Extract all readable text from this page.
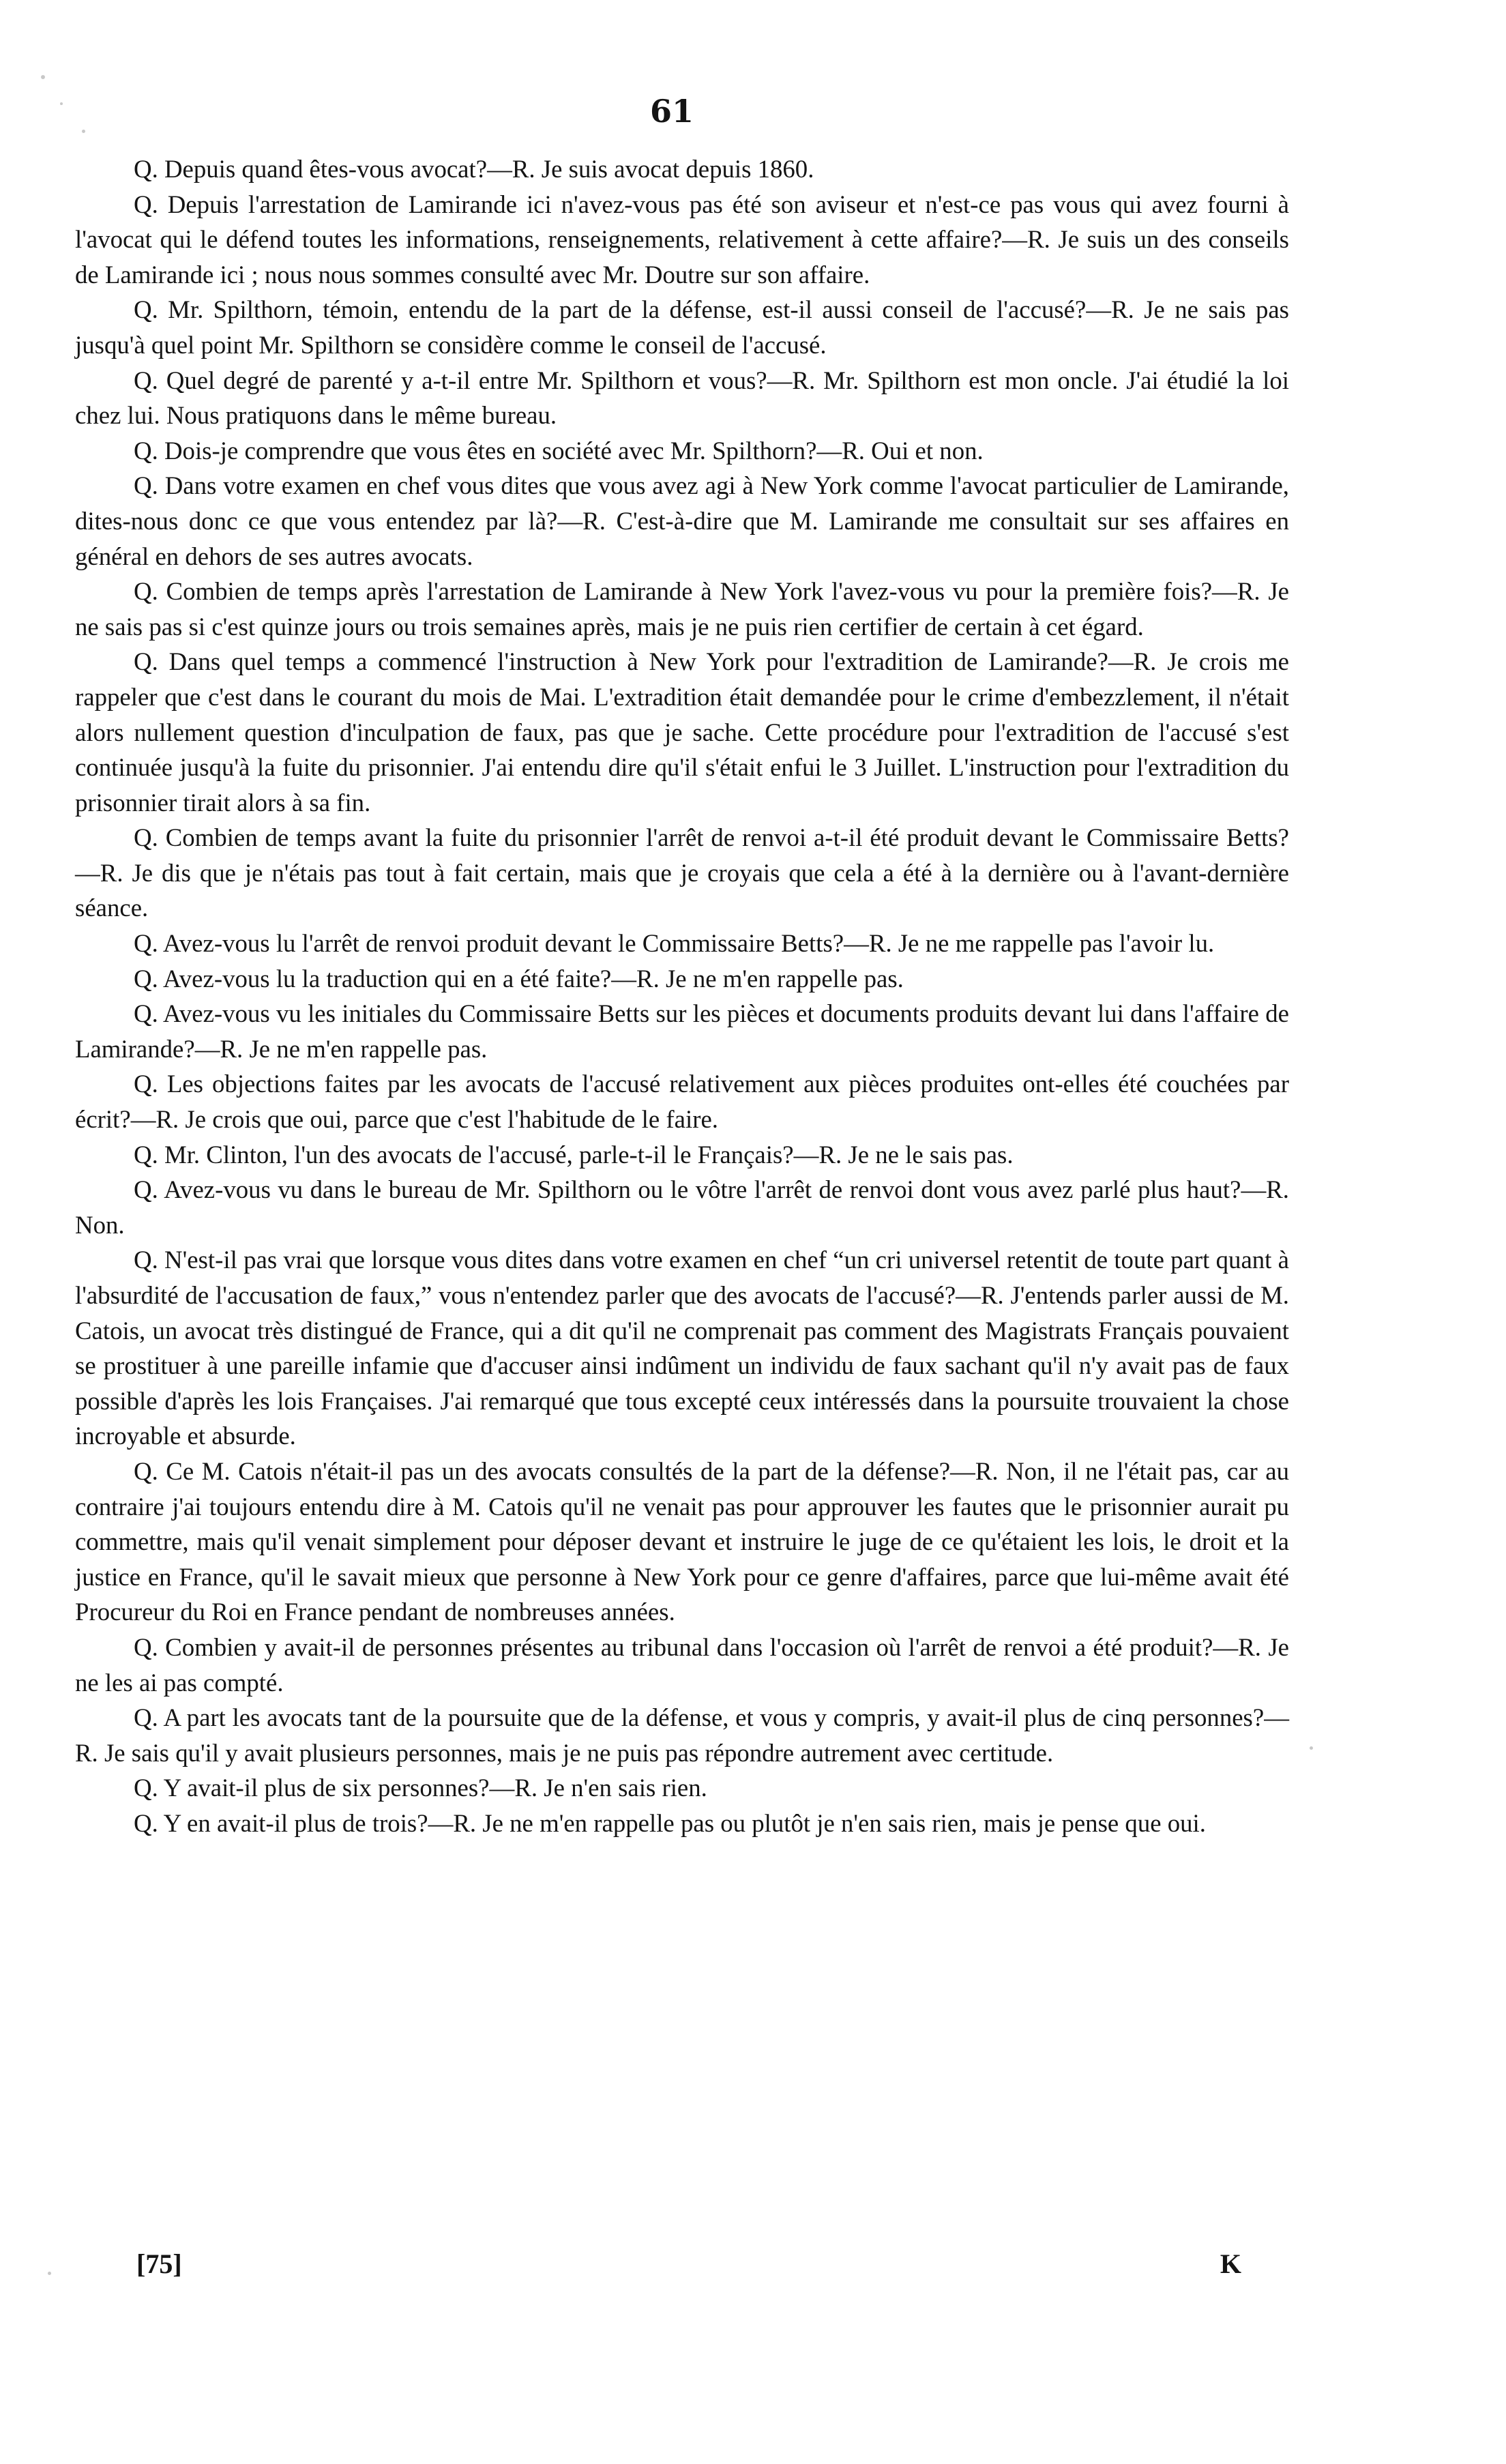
61

Q. Depuis quand êtes-vous avocat?—R. Je suis avocat depuis 1860.

Q. Depuis l'arrestation de Lamirande ici n'avez-vous pas été son aviseur et n'est-ce pas vous qui avez fourni à l'avocat qui le défend toutes les informations, renseignements, relativement à cette affaire?—R. Je suis un des conseils de Lamirande ici ; nous nous sommes consulté avec Mr. Doutre sur son affaire.

Q. Mr. Spilthorn, témoin, entendu de la part de la défense, est-il aussi conseil de l'accusé?—R. Je ne sais pas jusqu'à quel point Mr. Spilthorn se considère comme le conseil de l'accusé.

Q. Quel degré de parenté y a-t-il entre Mr. Spilthorn et vous?—R. Mr. Spilthorn est mon oncle. J'ai étudié la loi chez lui. Nous pratiquons dans le même bureau.

Q. Dois-je comprendre que vous êtes en société avec Mr. Spilthorn?—R. Oui et non.

Q. Dans votre examen en chef vous dites que vous avez agi à New York comme l'avocat particulier de Lamirande, dites-nous donc ce que vous entendez par là?—R. C'est-à-dire que M. Lamirande me consultait sur ses affaires en général en dehors de ses autres avocats.

Q. Combien de temps après l'arrestation de Lamirande à New York l'avez-vous vu pour la première fois?—R. Je ne sais pas si c'est quinze jours ou trois semaines après, mais je ne puis rien certifier de certain à cet égard.

Q. Dans quel temps a commencé l'instruction à New York pour l'extradition de Lamirande?—R. Je crois me rappeler que c'est dans le courant du mois de Mai. L'extradition était demandée pour le crime d'embezzlement, il n'était alors nullement question d'inculpation de faux, pas que je sache. Cette procédure pour l'extradition de l'accusé s'est continuée jusqu'à la fuite du prisonnier. J'ai entendu dire qu'il s'était enfui le 3 Juillet. L'instruction pour l'extradition du prisonnier tirait alors à sa fin.

Q. Combien de temps avant la fuite du prisonnier l'arrêt de renvoi a-t-il été produit devant le Commissaire Betts?—R. Je dis que je n'étais pas tout à fait certain, mais que je croyais que cela a été à la dernière ou à l'avant-dernière séance.

Q. Avez-vous lu l'arrêt de renvoi produit devant le Commissaire Betts?—R. Je ne me rappelle pas l'avoir lu.

Q. Avez-vous lu la traduction qui en a été faite?—R. Je ne m'en rappelle pas.

Q. Avez-vous vu les initiales du Commissaire Betts sur les pièces et documents produits devant lui dans l'affaire de Lamirande?—R. Je ne m'en rappelle pas.

Q. Les objections faites par les avocats de l'accusé relativement aux pièces produites ont-elles été couchées par écrit?—R. Je crois que oui, parce que c'est l'habitude de le faire.

Q. Mr. Clinton, l'un des avocats de l'accusé, parle-t-il le Français?—R. Je ne le sais pas.

Q. Avez-vous vu dans le bureau de Mr. Spilthorn ou le vôtre l'arrêt de renvoi dont vous avez parlé plus haut?—R. Non.

Q. N'est-il pas vrai que lorsque vous dites dans votre examen en chef “un cri universel retentit de toute part quant à l'absurdité de l'accusation de faux,” vous n'entendez parler que des avocats de l'accusé?—R. J'entends parler aussi de M. Catois, un avocat très distingué de France, qui a dit qu'il ne comprenait pas comment des Magistrats Français pouvaient se prostituer à une pareille infamie que d'accuser ainsi indûment un individu de faux sachant qu'il n'y avait pas de faux possible d'après les lois Françaises. J'ai remarqué que tous excepté ceux intéressés dans la poursuite trouvaient la chose incroyable et absurde.

Q. Ce M. Catois n'était-il pas un des avocats consultés de la part de la défense?—R. Non, il ne l'était pas, car au contraire j'ai toujours entendu dire à M. Catois qu'il ne venait pas pour approuver les fautes que le prisonnier aurait pu commettre, mais qu'il venait simplement pour déposer devant et instruire le juge de ce qu'étaient les lois, le droit et la justice en France, qu'il le savait mieux que personne à New York pour ce genre d'affaires, parce que lui-même avait été Procureur du Roi en France pendant de nombreuses années.

Q. Combien y avait-il de personnes présentes au tribunal dans l'occasion où l'arrêt de renvoi a été produit?—R. Je ne les ai pas compté.

Q. A part les avocats tant de la poursuite que de la défense, et vous y compris, y avait-il plus de cinq personnes?—R. Je sais qu'il y avait plusieurs personnes, mais je ne puis pas répondre autrement avec certitude.

Q. Y avait-il plus de six personnes?—R. Je n'en sais rien.

Q. Y en avait-il plus de trois?—R. Je ne m'en rappelle pas ou plutôt je n'en sais rien, mais je pense que oui.

[75]	K
